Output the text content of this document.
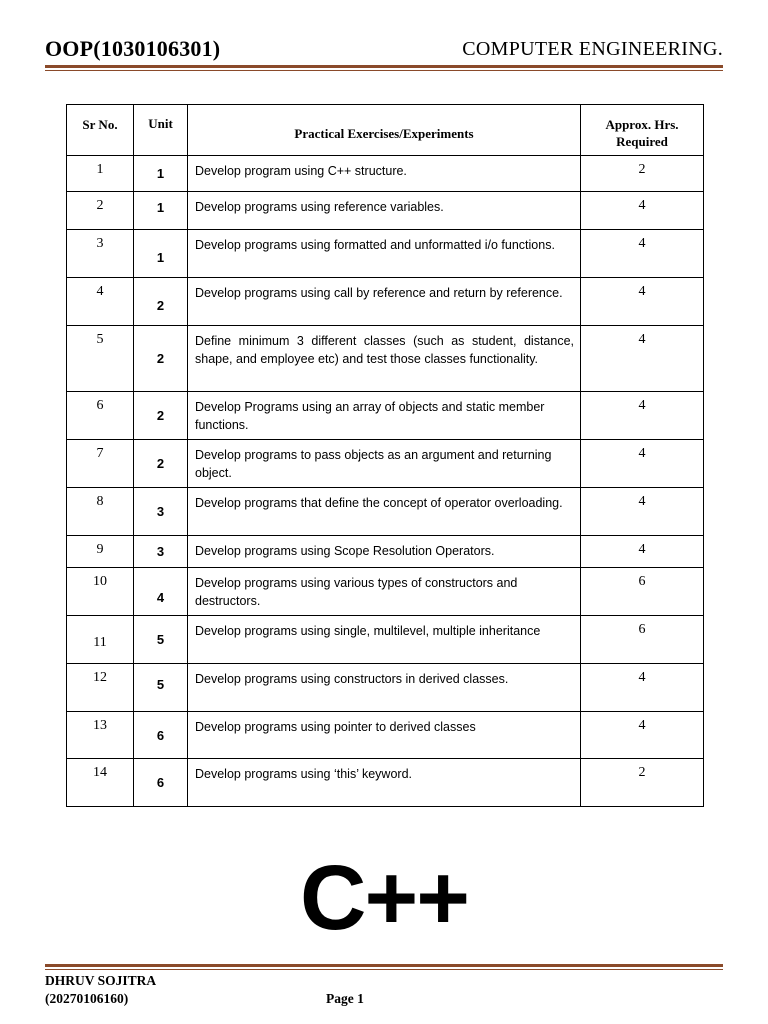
OOP(1030106301)	COMPUTER ENGINEERING.
Sr No.	Unit	Practical Exercises/Experiments	Approx. Hrs.
Required
1	1	Develop program using C++ structure.	2
2	1	Develop programs using reference variables.	4
3	1	Develop programs using formatted and unformatted i/o functions.	4
4	2	Develop programs using call by reference and return by reference.	4
5	2	Define minimum 3 different classes (such as student, distance, shape, and employee etc) and test those classes functionality.	4
6	2	Develop Programs using an array of objects and static member functions.	4
7	2	Develop programs to pass objects as an argument and returning object.	4
8	3	Develop programs that define the concept of operator overloading.	4
9	3	Develop programs using Scope Resolution Operators.	4
10	4	Develop programs using various types of constructors and destructors.	6
11	5	Develop programs using single, multilevel, multiple inheritance	6
12	5	Develop programs using constructors in derived classes.	4
13	6	Develop programs using pointer to derived classes	4
14	6	Develop programs using ‘this’ keyword.	2
C++
DHRUV SOJITRA
(20270106160)	Page 1
